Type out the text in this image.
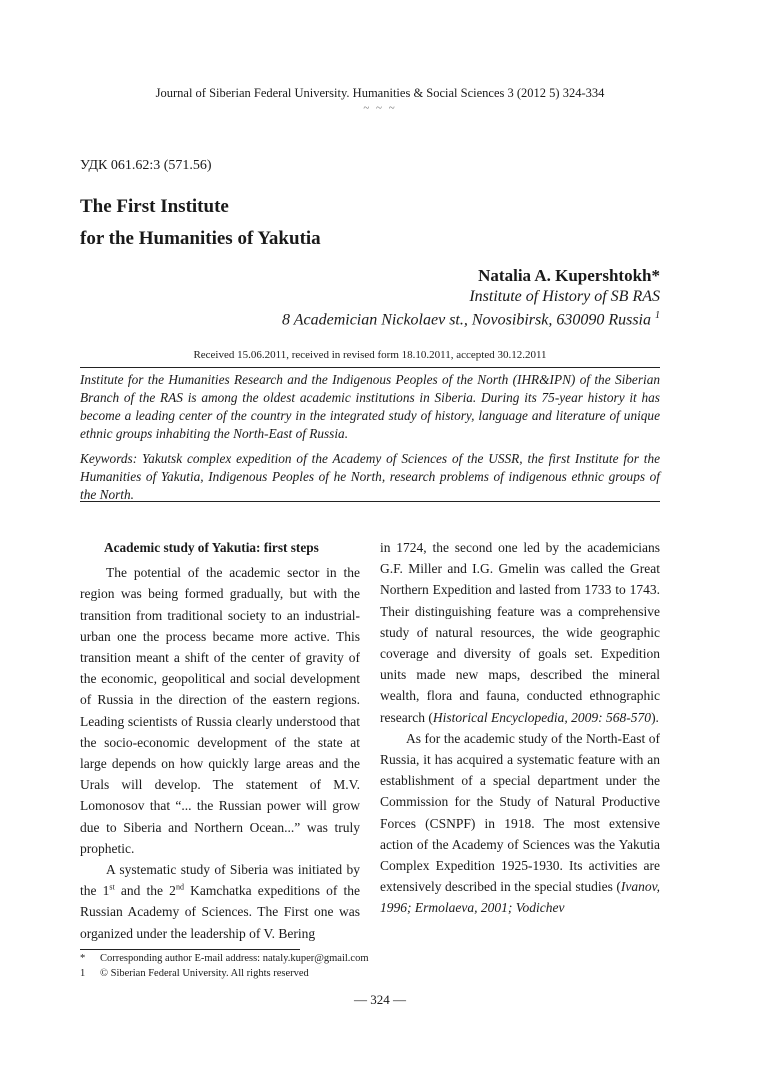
Journal of Siberian Federal University. Humanities & Social Sciences 3 (2012 5) 324-334
~ ~ ~
УДК 061.62:3 (571.56)
The First Institute
for the Humanities of Yakutia
Natalia A. Kupershtokh*
Institute of History of SB RAS
8 Academician Nickolaev st., Novosibirsk, 630090 Russia $^1$
Received 15.06.2011, received in revised form 18.10.2011, accepted 30.12.2011

Institute for the Humanities Research and the Indigenous Peoples of the North (IHR&IPN) of the Siberian Branch of the RAS is among the oldest academic institutions in Siberia. During its 75-year history it has become a leading center of the country in the integrated study of history, language and literature of unique ethnic groups inhabiting the North-East of Russia.

Keywords: Yakutsk complex expedition of the Academy of Sciences of the USSR, the first Institute for the Humanities of Yakutia, Indigenous Peoples of he North, research problems of indigenous ethnic groups of the North.

Academic study of Yakutia: first steps

The potential of the academic sector in the region was being formed gradually, but with the transition from traditional society to an industrial-urban one the process became more active. This transition meant a shift of the center of gravity of the economic, geopolitical and social development of Russia in the direction of the eastern regions. Leading scientists of Russia clearly understood that the socio-economic development of the state at large depends on how quickly large areas and the Urals will develop. The statement of M.V. Lomonosov that “... the Russian power will grow due to Siberia and Northern Ocean...” was truly prophetic.

A systematic study of Siberia was initiated by the 1st and the 2nd Kamchatka expeditions of the Russian Academy of Sciences. The First one was organized under the leadership of V. Bering

in 1724, the second one led by the academicians G.F. Miller and I.G. Gmelin was called the Great Northern Expedition and lasted from 1733 to 1743. Their distinguishing feature was a comprehensive study of natural resources, the wide geographic coverage and diversity of goals set. Expedition units made new maps, described the mineral wealth, flora and fauna, conducted ethnographic research (Historical Encyclopedia, 2009: 568-570).

As for the academic study of the North-East of Russia, it has acquired a systematic feature with an establishment of a special department under the Commission for the Study of Natural Productive Forces (CSNPF) in 1918. The most extensive action of the Academy of Sciences was the Yakutia Complex Expedition 1925-1930. Its activities are extensively described in the special studies (Ivanov, 1996; Ermolaeva, 2001; Vodichev

* Corresponding author E-mail address: nataly.kuper@gmail.com
1 © Siberian Federal University. All rights reserved
— 324 —
